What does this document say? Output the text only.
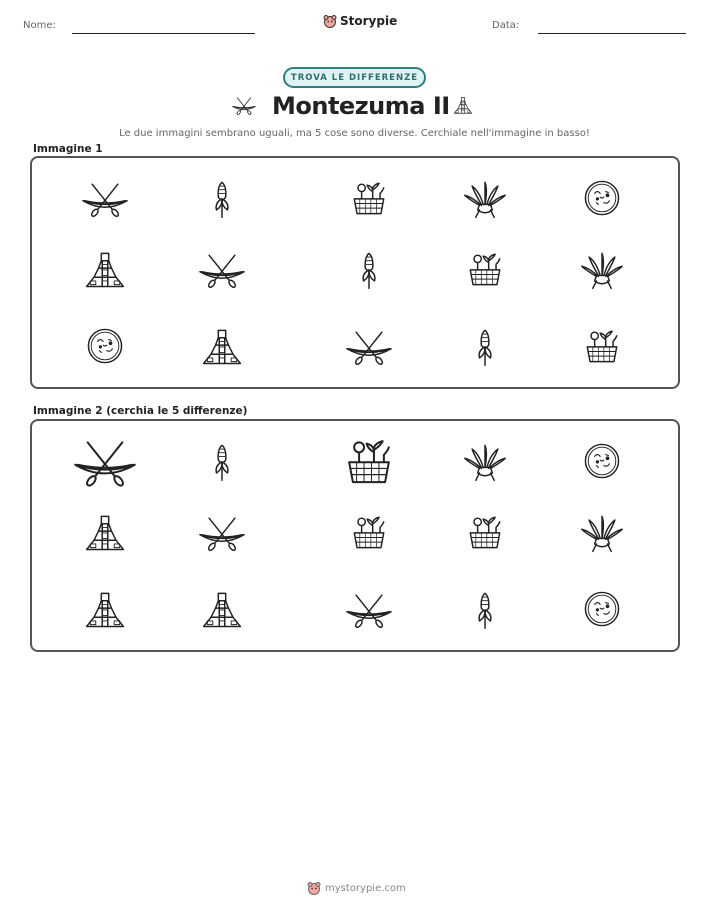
Nome:	Storypie	Data:
TROVA LE DIFFERENZE
Montezuma II
Le due immagini sembrano uguali, ma 5 cose sono diverse. Cerchiale nell'immagine in basso!
Immagine 1
Immagine 2 (cerchia le 5 differenze)
mystorypie.com
